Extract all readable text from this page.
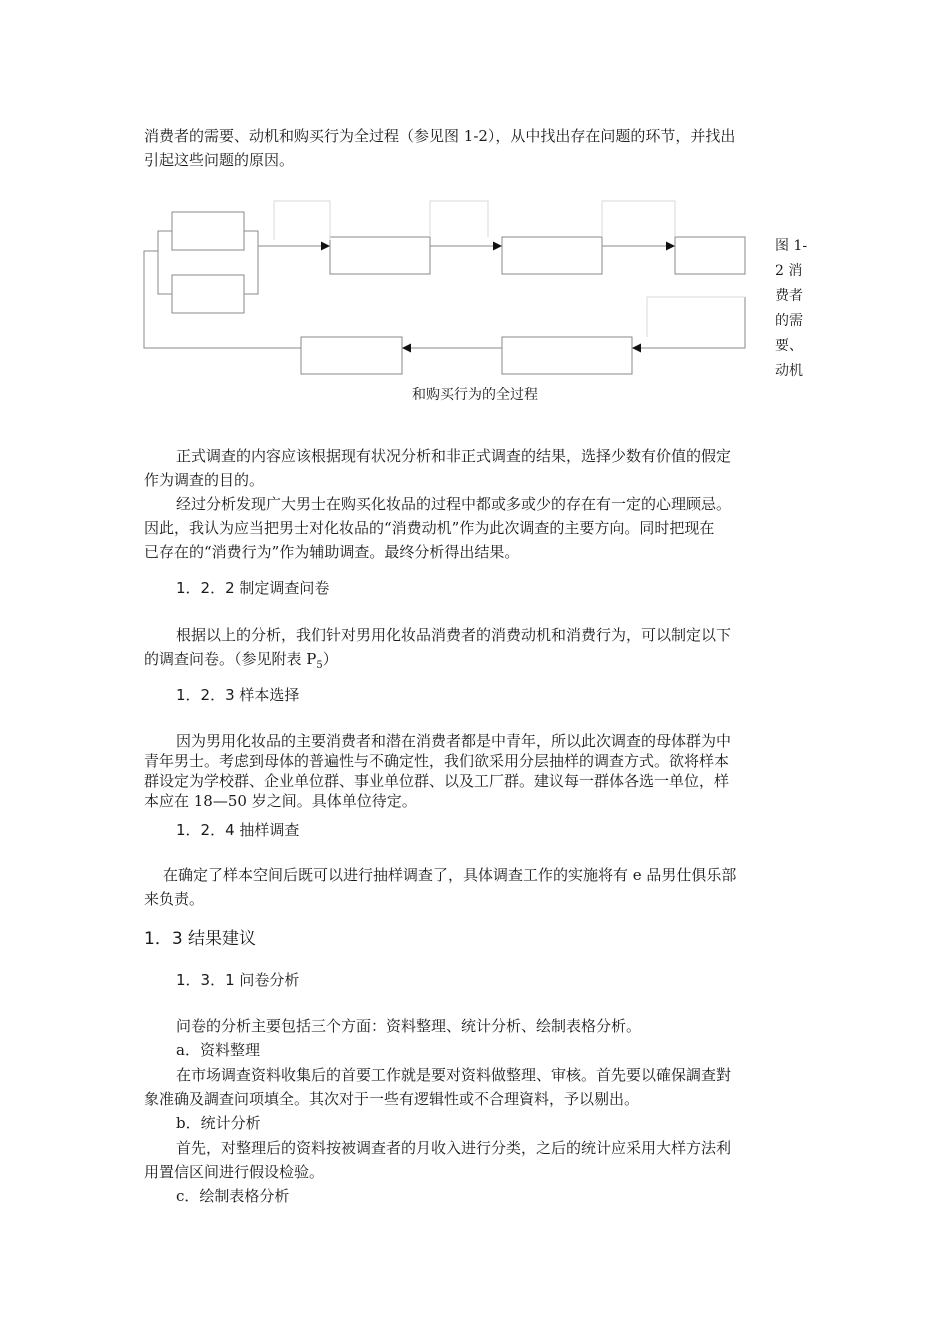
消费者的需要、动机和购买行为全过程（参见图 1-2），从中找出存在问题的环节，并找出
引起这些问题的原因。
图 1-
2 消
费者
的需
要、
动机
和购买行为的全过程
正式调查的内容应该根据现有状况分析和非正式调查的结果，选择少数有价值的假定
作为调查的目的。
经过分析发现广大男士在购买化妆品的过程中都或多或少的存在有一定的心理顾忌。
因此，我认为应当把男士对化妆品的“消费动机”作为此次调查的主要方向。同时把现在
已存在的“消费行为”作为辅助调查。最终分析得出结果。
1．2．2 制定调查问卷
根据以上的分析，我们针对男用化妆品消费者的消费动机和消费行为，可以制定以下
的调查问卷。（参见附表 $P_5$）
1．2．3 样本选择
因为男用化妆品的主要消费者和潜在消费者都是中青年，所以此次调查的母体群为中
青年男士。考虑到母体的普遍性与不确定性，我们欲采用分层抽样的调查方式。欲将样本
群设定为学校群、企业单位群、事业单位群、以及工厂群。建议每一群体各选一单位，样
本应在 18—50 岁之间。具体单位待定。
1．2．4 抽样调查
在确定了样本空间后既可以进行抽样调查了，具体调查工作的实施将有 e 品男仕俱乐部
来负责。
1．3 结果建议
1．3．1 问卷分析
问卷的分析主要包括三个方面：资料整理、统计分析、绘制表格分析。
a．资料整理
在市场调查资料收集后的首要工作就是要对资料做整理、审核。首先要以確保調查對
象准确及調查问项填全。其次对于一些有逻辑性或不合理資料，予以剔出。
b．统计分析
首先，对整理后的资料按被调查者的月收入进行分类，之后的统计应采用大样方法利
用置信区间进行假设检验。
c．绘制表格分析
